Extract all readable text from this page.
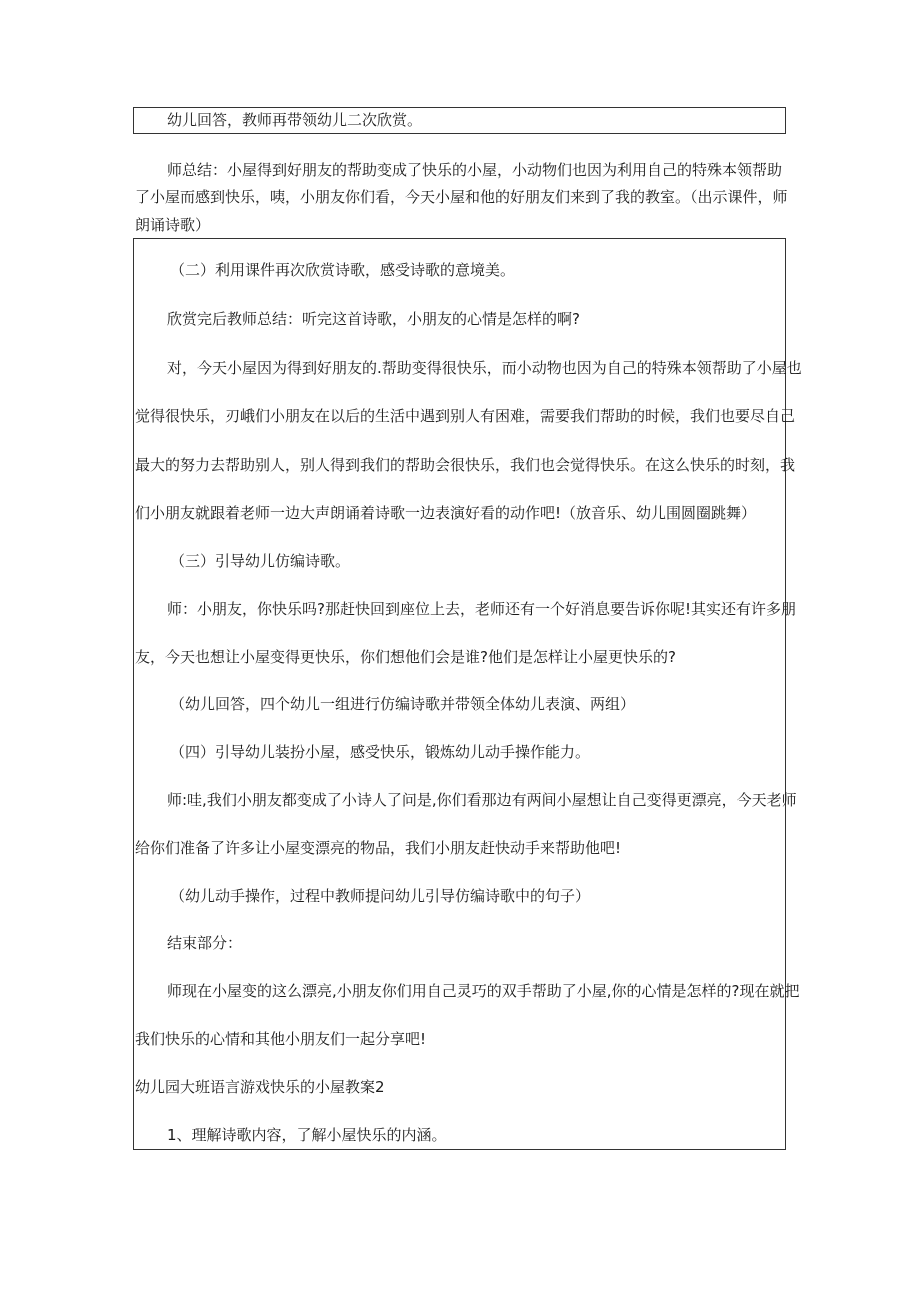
幼儿回答，教师再带领幼儿二次欣赏。

师总结：小屋得到好朋友的帮助变成了快乐的小屋，小动物们也因为利用自己的特殊本领帮助

了小屋而感到快乐，咦，小朋友你们看，今天小屋和他的好朋友们来到了我的教室。（出示课件，师

朗诵诗歌）

（二）利用课件再次欣赏诗歌，感受诗歌的意境美。

欣赏完后教师总结：听完这首诗歌，小朋友的心情是怎样的啊?

对，今天小屋因为得到好朋友的.帮助变得很快乐，而小动物也因为自己的特殊本领帮助了小屋也

觉得很快乐，刃峨们小朋友在以后的生活中遇到别人有困难，需要我们帮助的时候，我们也要尽自己

最大的努力去帮助别人，别人得到我们的帮助会很快乐，我们也会觉得快乐。在这么快乐的时刻，我

们小朋友就跟着老师一边大声朗诵着诗歌一边表演好看的动作吧!（放音乐、幼儿围圆圈跳舞）

（三）引导幼儿仿编诗歌。

师：小朋友，你快乐吗?那赶快回到座位上去，老师还有一个好消息要告诉你呢!其实还有许多朋

友，今天也想让小屋变得更快乐，你们想他们会是谁?他们是怎样让小屋更快乐的?

（幼儿回答，四个幼儿一组进行仿编诗歌并带领全体幼儿表演、两组）

（四）引导幼儿装扮小屋，感受快乐，锻炼幼儿动手操作能力。

师:哇,我们小朋友都变成了小诗人了问是,你们看那边有两间小屋想让自己变得更漂亮，今天老师

给你们准备了许多让小屋变漂亮的物品，我们小朋友赶快动手来帮助他吧!

（幼儿动手操作，过程中教师提问幼儿引导仿编诗歌中的句子）

结束部分：

师现在小屋变的这么漂亮,小朋友你们用自己灵巧的双手帮助了小屋,你的心情是怎样的?现在就把

我们快乐的心情和其他小朋友们一起分享吧!

幼儿园大班语言游戏快乐的小屋教案2

1、理解诗歌内容，了解小屋快乐的内涵。
